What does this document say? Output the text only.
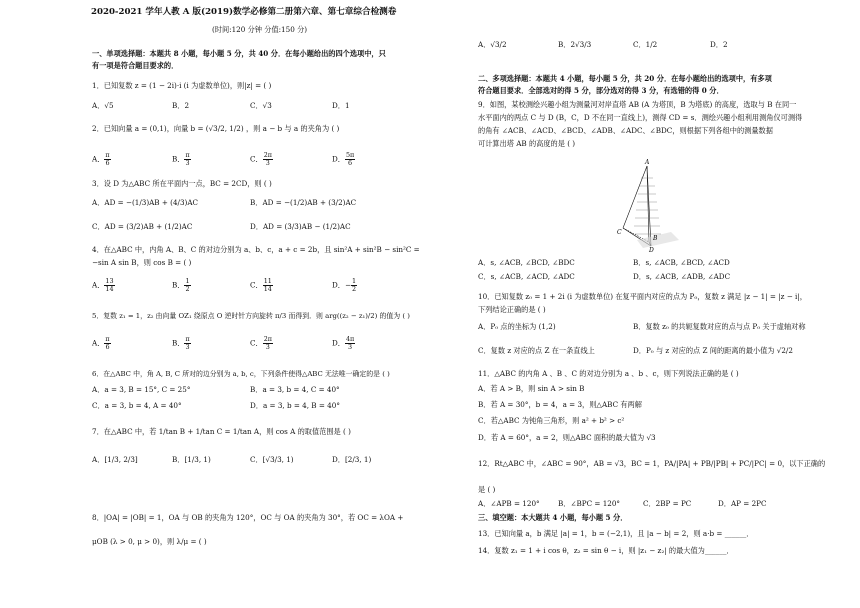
2020-2021 学年人教 A 版(2019)数学必修第二册第六章、第七章综合检测卷
(时间:120 分钟 分值:150 分)
一、单项选择题：本题共 8 小题，每小题 5 分，共 40 分．在每小题给出的四个选项中，只
有一项是符合题目要求的．
1．已知复数 z = (1 − 2i)·i (i 为虚数单位)，则|z| = ( )
A．√5	B．2	C．√3	D．1
2．已知向量 a = (0,1)，向量 b = (√3/2, 1/2) ，则 a − b 与 a 的夹角为 ( )
A． $\frac{\pi}{6}$	B． $\frac{\pi}{3}$	C． $\frac{2\pi}{3}$	D． $\frac{5\pi}{6}$
3．设 D 为△ABC 所在平面内一点，BC = 2CD，则 ( )
A．AD = −(1/3)AB + (4/3)AC	B．AD = −(1/2)AB + (3/2)AC
C．AD = (3/2)AB + (1/2)AC	D．AD = (3/3)AB − (1/2)AC
4．在△ABC 中，内角 A、B、C 的对边分别为 a、b、c，a + c = 2b，且 sin²A + sin²B − sin²C =
−sin A sin B，则 cos B = ( )
A． $\frac{13}{14}$	B． $\frac{1}{2}$	C． $\frac{11}{14}$	D．− $\frac{1}{2}$
5．复数 z₁ = 1，z₂ 由向量 OZ₁ 绕原点 O 逆时针方向旋转 π/3 而得到．则 arg((z₂ − z₁)/2) 的值为 ( )
A． $\frac{\pi}{6}$	B． $\frac{\pi}{3}$	C． $\frac{2\pi}{3}$	D． $\frac{4\pi}{3}$
6．在△ABC 中，角 A, B, C 所对的边分别为 a, b, c，下列条件使得△ABC 无法唯一确定的是 ( )
A．a = 3, B = 15°, C = 25°	B．a = 3, b = 4, C = 40°
C．a = 3, b = 4, A = 40°	D．a = 3, b = 4, B = 40°
7．在△ABC 中，若 1/tan B + 1/tan C = 1/tan A，则 cos A 的取值范围是 ( )
A．[1/3, 2/3]	B．[1/3, 1)	C．[√3/3, 1)	D．[2/3, 1)
8．|OA| = |OB| = 1，OA 与 OB 的夹角为 120°，OC 与 OA 的夹角为 30°，若 OC = λOA +
μOB (λ > 0, μ > 0)，则 λ/μ = ( )
A．√3/2	B．2√3/3	C．1/2	D．2
二、多项选择题：本题共 4 小题，每小题 5 分，共 20 分．在每小题给出的选项中，有多项
符合题目要求．全部选对的得 5 分，部分选对的得 3 分，有选错的得 0 分．
9．如图，某校测绘兴趣小组为测量河对岸直塔 AB (A 为塔顶，B 为塔底) 的高度，选取与 B 在同一
水平面内的两点 C 与 D (B，C，D 不在同一直线上)，测得 CD = s．测绘兴趣小组利用测角仪可测得
的角有 ∠ACB、∠ACD、∠BCD、∠ADB、∠ADC、∠BDC，则根据下列各组中的测量数据
可计算出塔 AB 的高度的是 ( )
A
B
C
D
A．s, ∠ACB, ∠BCD, ∠BDC	B．s, ∠ACB, ∠BCD, ∠ACD
C．s, ∠ACB, ∠ACD, ∠ADC	D．s, ∠ACB, ∠ADB, ∠ADC
10．已知复数 z₀ = 1 + 2i (i 为虚数单位) 在复平面内对应的点为 P₀，复数 z 满足 |z − 1| = |z − i|，
下列结论正确的是 ( )
A．P₀ 点的坐标为 (1,2)	B．复数 z₀ 的共轭复数对应的点与点 P₀ 关于虚轴对称
C．复数 z 对应的点 Z 在一条直线上	D．P₀ 与 z 对应的点 Z 间的距离的最小值为 √2/2
11．△ABC 的内角 A 、B 、C 的对边分别为 a 、b 、c，则下列说法正确的是 ( )
A．若 A > B，则 sin A > sin B
B．若 A = 30°，b = 4，a = 3，则△ABC 有两解
C．若△ABC 为钝角三角形，则 a² + b² > c²
D．若 A = 60°，a = 2，则△ABC 面积的最大值为 √3
12．Rt△ABC 中，∠ABC = 90°，AB = √3，BC = 1，PA/|PA| + PB/|PB| + PC/|PC| = 0，以下正确的
是 ( )
A．∠APB = 120°	B．∠BPC = 120°	C．2BP = PC	D．AP = 2PC
三、填空题：本大题共 4 小题，每小题 5 分．
13．已知向量 a，b 满足 |a| = 1，b = (−2,1)，且 |a − b| = 2，则 a·b = ______．
14．复数 z₁ = 1 + i cos θ，z₂ = sin θ − i，则 |z₁ − z₂| 的最大值为______．
